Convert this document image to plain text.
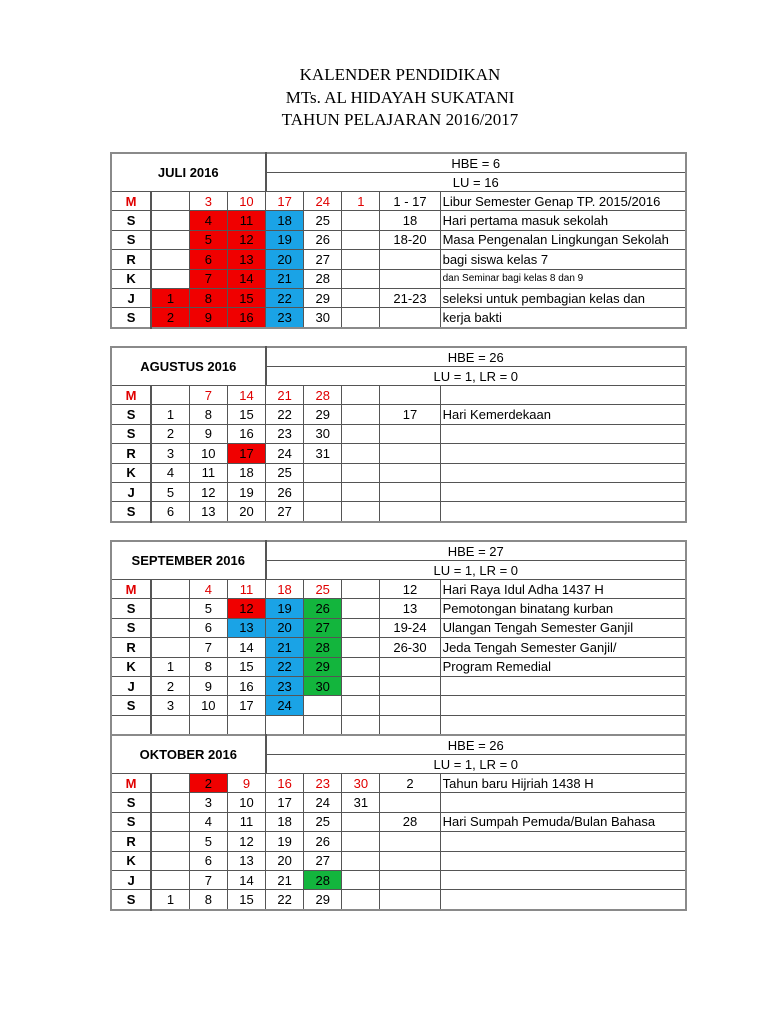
KALENDER PENDIDIKAN
MTs. AL HIDAYAH SUKATANI
TAHUN PELAJARAN 2016/2017
JULI 2016				HBE = 6				
				LU = 16				
M		3	10	17	24	1	1 - 17	Libur Semester Genap TP. 2015/2016
S		4	11	18	25		18	Hari pertama masuk sekolah
S		5	12	19	26		18-20	Masa Pengenalan Lingkungan Sekolah
R		6	13	20	27			bagi siswa kelas 7
K		7	14	21	28			dan Seminar bagi kelas 8 dan 9
J	1	8	15	22	29		21-23	seleksi untuk pembagian kelas dan
S	2	9	16	23	30			kerja bakti
AGUSTUS 2016				HBE = 26				
				LU = 1, LR = 0				
M		7	14	21	28			
S	1	8	15	22	29		17	Hari Kemerdekaan
S	2	9	16	23	30			
R	3	10	17	24	31			
K	4	11	18	25				
J	5	12	19	26				
S	6	13	20	27				
SEPTEMBER 2016				HBE = 27				
				LU = 1, LR = 0				
M		4	11	18	25		12	Hari Raya Idul Adha 1437 H
S		5	12	19	26		13	Pemotongan binatang kurban
S		6	13	20	27		19-24	Ulangan Tengah Semester Ganjil
R		7	14	21	28		26-30	Jeda Tengah Semester Ganjil/
K	1	8	15	22	29			Program Remedial
J	2	9	16	23	30			
S	3	10	17	24				

OKTOBER 2016				HBE = 26				
				LU = 1, LR = 0				
M		2	9	16	23	30	2	Tahun baru Hijriah 1438 H
S		3	10	17	24	31		
S		4	11	18	25		28	Hari Sumpah Pemuda/Bulan Bahasa
R		5	12	19	26			
K		6	13	20	27			
J		7	14	21	28			
S	1	8	15	22	29			
